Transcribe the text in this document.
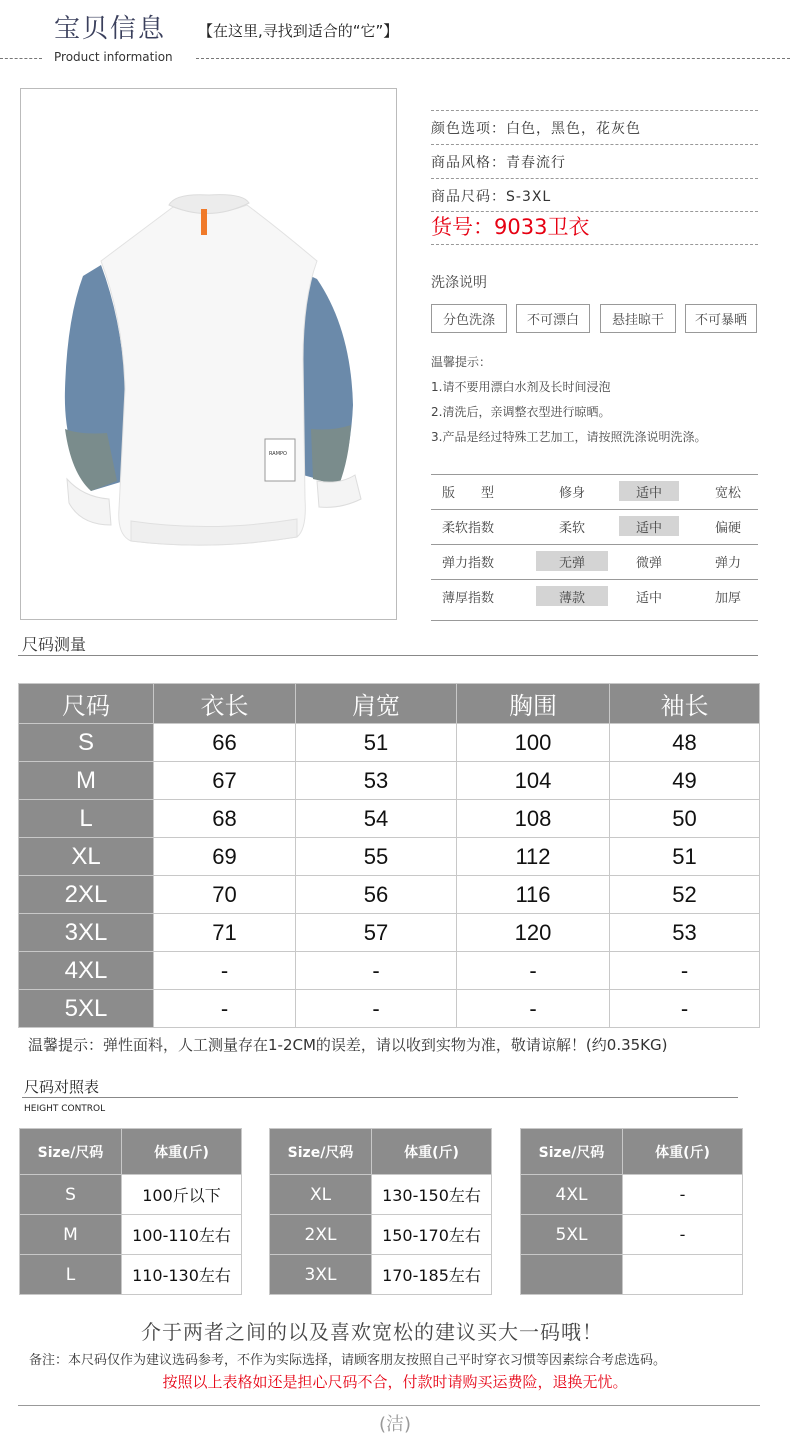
宝贝信息
Product information
【在这里,寻找到适合的“它”】
RAMPO
颜色选项：白色，黑色，花灰色
商品风格：青春流行
商品尺码：S-3XL
货号：9033卫衣
洗涤说明
分色洗涤	不可漂白	悬挂晾干	不可暴晒
温馨提示：
1.请不要用漂白水剂及长时间浸泡
2.清洗后，亲调整衣型进行晾晒。
3.产品是经过特殊工艺加工，请按照洗涤说明洗涤。
版　　型	修身	适中	宽松
柔软指数	柔软	适中	偏硬
弹力指数	无弹	微弹	弹力
薄厚指数	薄款	适中	加厚
尺码测量
尺码	衣长	肩宽	胸围	袖长
S	66	51	100	48
M	67	53	104	49
L	68	54	108	50
XL	69	55	112	51
2XL	70	56	116	52
3XL	71	57	120	53
4XL	-	-	-	-
5XL	-	-	-	-
温馨提示：弹性面料，人工测量存在1-2CM的误差，请以收到实物为准，敬请谅解！(约0.35KG)
尺码对照表
HEIGHT CONTROL
Size/尺码	体重(斤)
S	100斤以下
M	100-110左右
L	110-130左右
Size/尺码	体重(斤)
XL	130-150左右
2XL	150-170左右
3XL	170-185左右
Size/尺码	体重(斤)
4XL	-
5XL	-

介于两者之间的以及喜欢宽松的建议买大一码哦！
备注：本尺码仅作为建议选码参考，不作为实际选择，请顾客朋友按照自己平时穿衣习惯等因素综合考虑选码。
按照以上表格如还是担心尺码不合，付款时请购买运费险，退换无忧。
(洁)
